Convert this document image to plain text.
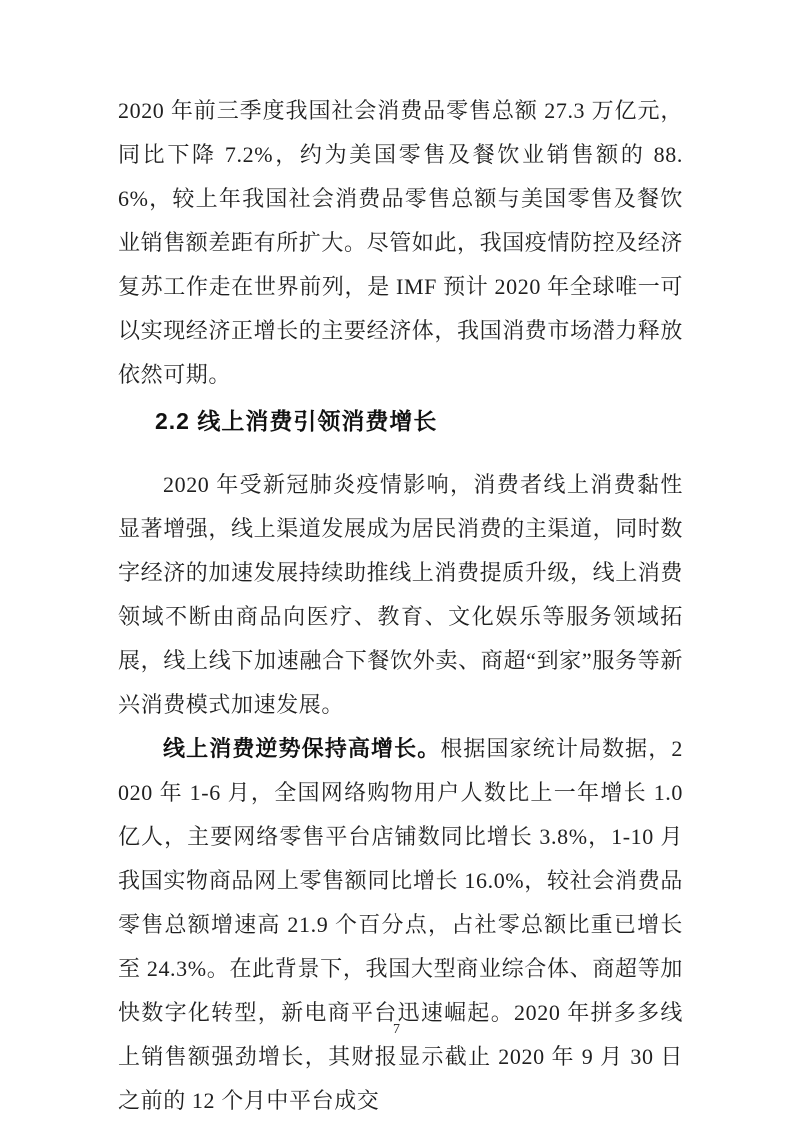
2020 年前三季度我国社会消费品零售总额 27.3 万亿元，同比下降 7.2%，约为美国零售及餐饮业销售额的 88.6%，较上年我国社会消费品零售总额与美国零售及餐饮业销售额差距有所扩大。尽管如此，我国疫情防控及经济复苏工作走在世界前列，是 IMF 预计 2020 年全球唯一可以实现经济正增长的主要经济体，我国消费市场潜力释放依然可期。

2.2 线上消费引领消费增长

2020 年受新冠肺炎疫情影响，消费者线上消费黏性显著增强，线上渠道发展成为居民消费的主渠道，同时数字经济的加速发展持续助推线上消费提质升级，线上消费领域不断由商品向医疗、教育、文化娱乐等服务领域拓展，线上线下加速融合下餐饮外卖、商超“到家”服务等新兴消费模式加速发展。

线上消费逆势保持高增长。根据国家统计局数据，2020 年 1-6 月，全国网络购物用户人数比上一年增长 1.0 亿人，主要网络零售平台店铺数同比增长 3.8%，1-10 月我国实物商品网上零售额同比增长 16.0%，较社会消费品零售总额增速高 21.9 个百分点，占社零总额比重已增长至 24.3%。在此背景下，我国大型商业综合体、商超等加快数字化转型，新电商平台迅速崛起。2020 年拼多多线上销售额强劲增长，其财报显示截止 2020 年 9 月 30 日之前的 12 个月中平台成交

7
